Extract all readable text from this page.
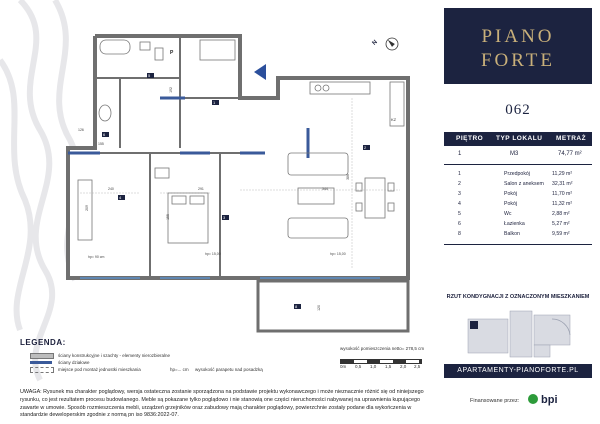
5
1
2
3
4
6
8
P
KZ
240	291	344
209
155
386
126
155
192
120
hp= 90 cm
hp= 15,00	hp= 15,00
N	PIANO
FORTE
062
PIĘTRO TYP LOKALU METRAŻ
1	M3	74,77 m²
1	Przedpokój	11,29 m²
2	Salon z aneksem 32,31 m²
3	Pokój	11,70 m²
4	Pokój	11,32 m²
5	Wc	2,88 m²
6	Łazienka	5,27 m²
8	Balkon	9,59 m²
RZUT KONDYGNACJI Z OZNACZONYM MIESZKANIEM
APARTAMENTY-PIANOFORTE.PL
Finansowane przez: bpi
LEGENDA:
ściany konstrukcyjne i szachty - elementy nierozbieralne
ściany działowe
miejsce pod montaż jednostki mieszkania	hp=... cm wysokość parapetu nad posadzką
wysokość pomieszczenia netto= 278,5 cm
0m 0,5 1,0 1,5 2,0 2,5
UWAGA: Rysunek ma charakter poglądowy, wersja ostateczna zostanie sporządzona na podstawie projektu wykonawczego i może nieznacznie różnić się od niniejszego rysunku, co jest rezultatem procesu budowlanego. Meble są pokazane tylko poglądowo i nie stanowią one części nieruchomości nabywanej na uprawnienia kupującego zawarte w umowie. Sposób rozmieszczenia mebli, urządzeń grzejników oraz zabudowy mają charakter poglądowy, powierzchnie zostały podane dla wykończenia w standardzie deweloperskim zgodnie z normą pn iso 9836:2022-07.
